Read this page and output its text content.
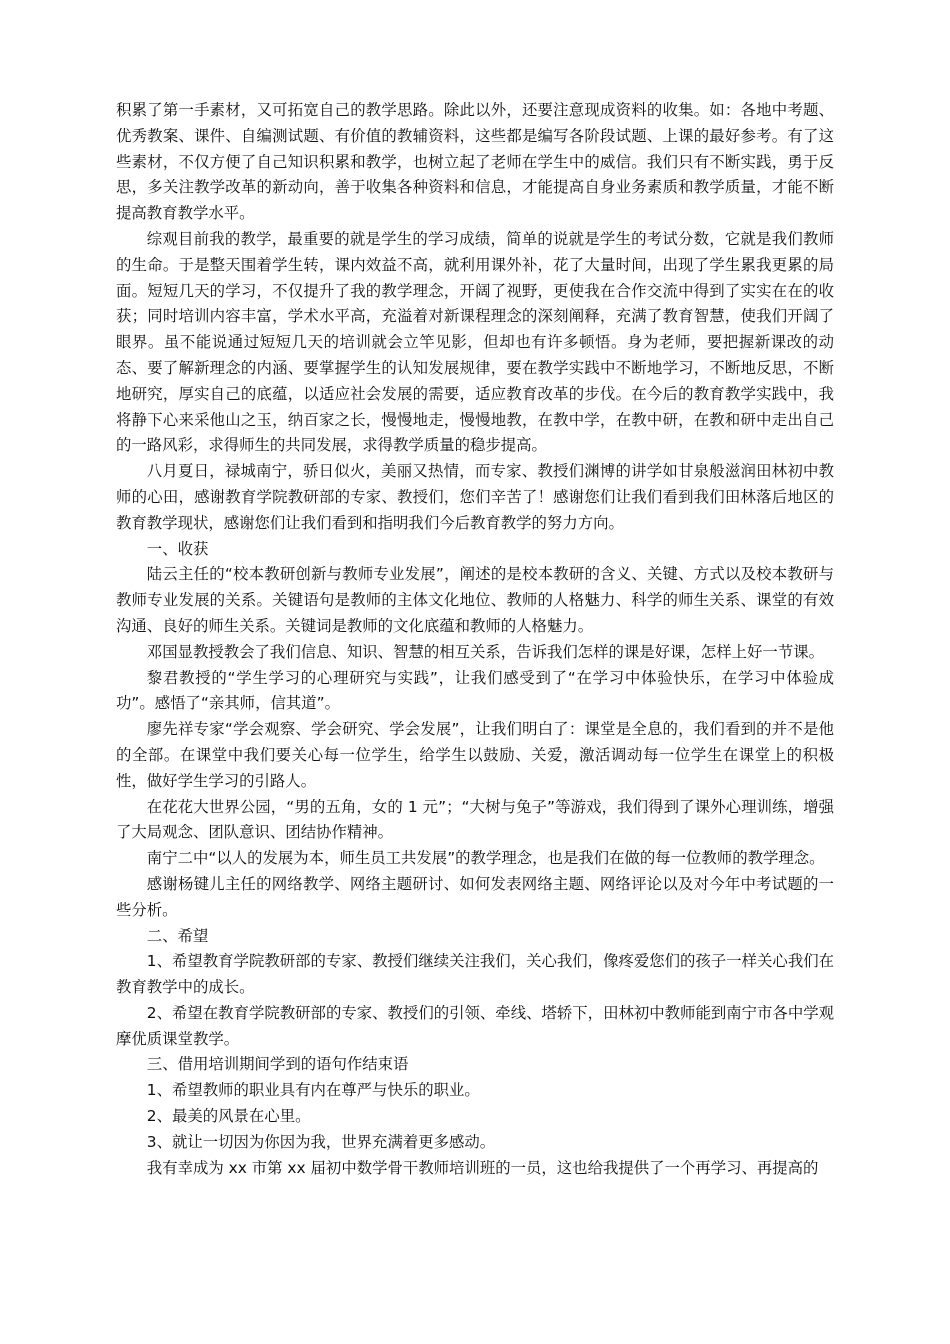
积累了第一手素材，又可拓宽自己的教学思路。除此以外，还要注意现成资料的收集。如：各地中考题、优秀教案、课件、自编测试题、有价值的教辅资料，这些都是编写各阶段试题、上课的最好参考。有了这些素材，不仅方便了自己知识积累和教学，也树立起了老师在学生中的威信。我们只有不断实践，勇于反思，多关注教学改革的新动向，善于收集各种资料和信息，才能提高自身业务素质和教学质量，才能不断提高教育教学水平。

综观目前我的教学，最重要的就是学生的学习成绩，简单的说就是学生的考试分数，它就是我们教师的生命。于是整天围着学生转，课内效益不高，就利用课外补，花了大量时间，出现了学生累我更累的局面。短短几天的学习，不仅提升了我的教学理念，开阔了视野，更使我在合作交流中得到了实实在在的收获；同时培训内容丰富，学术水平高，充溢着对新课程理念的深刻阐释，充满了教育智慧，使我们开阔了眼界。虽不能说通过短短几天的培训就会立竿见影，但却也有许多顿悟。身为老师，要把握新课改的动态、要了解新理念的内涵、要掌握学生的认知发展规律，要在教学实践中不断地学习，不断地反思，不断地研究，厚实自己的底蕴，以适应社会发展的需要，适应教育改革的步伐。在今后的教育教学实践中，我将静下心来采他山之玉，纳百家之长，慢慢地走，慢慢地教，在教中学，在教中研，在教和研中走出自己的一路风彩，求得师生的共同发展，求得教学质量的稳步提高。

八月夏日，禄城南宁，骄日似火，美丽又热情，而专家、教授们渊博的讲学如甘泉般滋润田林初中教师的心田，感谢教育学院教研部的专家、教授们，您们辛苦了！感谢您们让我们看到我们田林落后地区的教育教学现状，感谢您们让我们看到和指明我们今后教育教学的努力方向。

一、收获

陆云主任的“校本教研创新与教师专业发展”，阐述的是校本教研的含义、关键、方式以及校本教研与教师专业发展的关系。关键语句是教师的主体文化地位、教师的人格魅力、科学的师生关系、课堂的有效沟通、良好的师生关系。关键词是教师的文化底蕴和教师的人格魅力。

邓国显教授教会了我们信息、知识、智慧的相互关系，告诉我们怎样的课是好课，怎样上好一节课。

黎君教授的“学生学习的心理研究与实践”，让我们感受到了“在学习中体验快乐，在学习中体验成功”。感悟了“亲其师，信其道”。

廖先祥专家“学会观察、学会研究、学会发展”，让我们明白了：课堂是全息的，我们看到的并不是他的全部。在课堂中我们要关心每一位学生，给学生以鼓励、关爱，激活调动每一位学生在课堂上的积极性，做好学生学习的引路人。

在花花大世界公园，“男的五角，女的 1 元”；“大树与兔子”等游戏，我们得到了课外心理训练，增强了大局观念、团队意识、团结协作精神。

南宁二中“以人的发展为本，师生员工共发展”的教学理念，也是我们在做的每一位教师的教学理念。

感谢杨键儿主任的网络教学、网络主题研讨、如何发表网络主题、网络评论以及对今年中考试题的一些分析。

二、希望

1、希望教育学院教研部的专家、教授们继续关注我们，关心我们，像疼爱您们的孩子一样关心我们在教育教学中的成长。

2、希望在教育学院教研部的专家、教授们的引领、牵线、塔轿下，田林初中教师能到南宁市各中学观摩优质课堂教学。

三、借用培训期间学到的语句作结束语

1、希望教师的职业具有内在尊严与快乐的职业。

2、最美的风景在心里。

3、就让一切因为你因为我，世界充满着更多感动。

我有幸成为 xx 市第 xx 届初中数学骨干教师培训班的一员，这也给我提供了一个再学习、再提高的
